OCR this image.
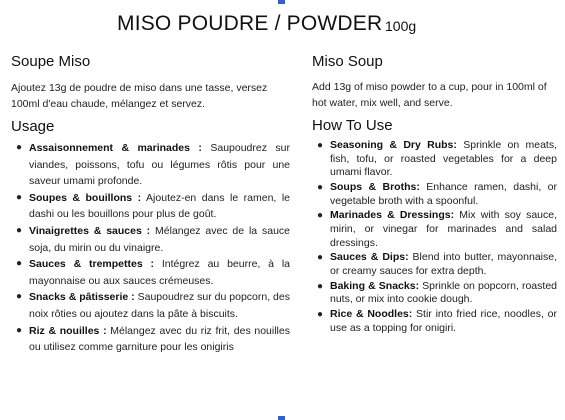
MISO POUDRE / POWDER 100g
Soupe Miso

Ajoutez 13g de poudre de miso dans une tasse, versez 100ml d'eau chaude, mélangez et servez.

Usage
● Assaisonnement & marinades : Saupoudrez sur viandes, poissons, tofu ou légumes rôtis pour une saveur umami profonde.
● Soupes & bouillons : Ajoutez-en dans le ramen, le dashi ou les bouillons pour plus de goût.
● Vinaigrettes & sauces : Mélangez avec de la sauce soja, du mirin ou du vinaigre.
● Sauces & trempettes : Intégrez au beurre, à la mayonnaise ou aux sauces crémeuses.
● Snacks & pâtisserie : Saupoudrez sur du popcorn, des noix rôties ou ajoutez dans la pâte à biscuits.
● Riz & nouilles : Mélangez avec du riz frit, des nouilles ou utilisez comme garniture pour les onigiris
Miso Soup

Add 13g of miso powder to a cup, pour in 100ml of hot water, mix well, and serve.

How To Use
● Seasoning & Dry Rubs: Sprinkle on meats, fish, tofu, or roasted vegetables for a deep umami flavor.
● Soups & Broths: Enhance ramen, dashi, or vegetable broth with a spoonful.
● Marinades & Dressings: Mix with soy sauce, mirin, or vinegar for marinades and salad dressings.
● Sauces & Dips: Blend into butter, mayonnaise, or creamy sauces for extra depth.
● Baking & Snacks: Sprinkle on popcorn, roasted nuts, or mix into cookie dough.
● Rice & Noodles: Stir into fried rice, noodles, or use as a topping for onigiri.
